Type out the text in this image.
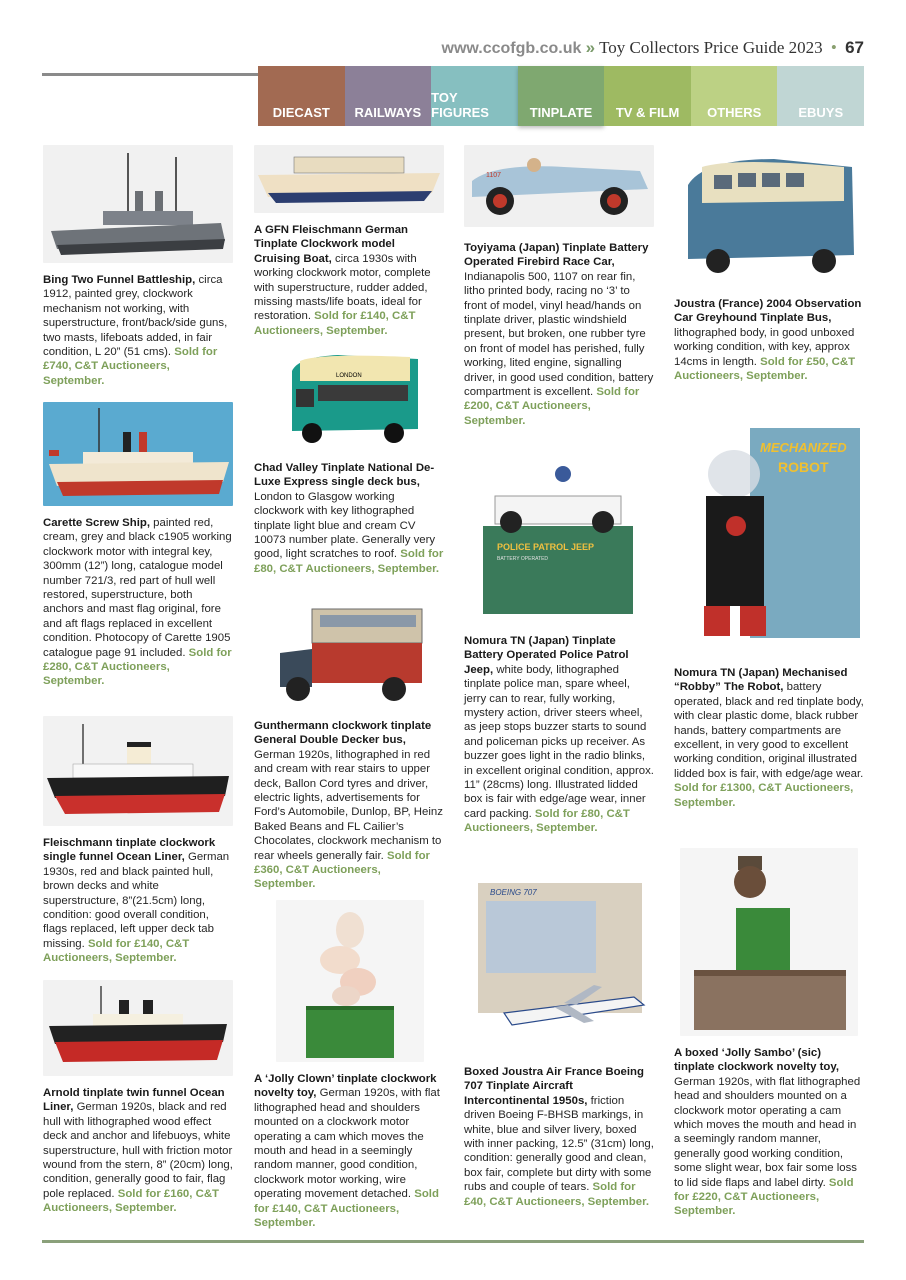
www.ccofgb.co.uk » Toy Collectors Price Guide 2023 • 67
DIECAST RAILWAYS
TOY FIGURES	TINPLATE TV & FILM OTHERS	EBUYS
Bing Two Funnel Battleship, circa 1912, painted grey, clockwork mechanism not working, with superstructure, front/back/side guns, two masts, lifeboats added, in fair condition, L 20” (51 cms). Sold for £740, C&T Auctioneers, September.
Carette Screw Ship, painted red, cream, grey and black c1905 working clockwork motor with integral key, 300mm (12”) long, catalogue model number 721/3, red part of hull well restored, superstructure, both anchors and mast flag original, fore and aft flags replaced in excellent condition. Photocopy of Carette 1905 catalogue page 91 included. Sold for £280, C&T Auctioneers, September.
Fleischmann tinplate clockwork single funnel Ocean Liner, German 1930s, red and black painted hull, brown decks and white superstructure, 8”(21.5cm) long, condition: good overall condition, flags replaced, left upper deck tab missing. Sold for £140, C&T Auctioneers, September.
Arnold tinplate twin funnel Ocean Liner, German 1920s, black and red hull with lithographed wood effect deck and anchor and lifebuoys, white superstructure, hull with friction motor wound from the stern, 8” (20cm) long, condition, generally good to fair, flag pole replaced. Sold for £160, C&T Auctioneers, September.
A GFN Fleischmann German Tinplate Clockwork model Cruising Boat, circa 1930s with working clockwork motor, complete with superstructure, rudder added, missing masts/life boats, ideal for restoration. Sold for £140, C&T Auctioneers, September.
LONDON
Chad Valley Tinplate National De-Luxe Express single deck bus, London to Glasgow working clockwork with key lithographed tinplate light blue and cream CV 10073 number plate. Generally very good, light scratches to roof. Sold for £80, C&T Auctioneers, September.
Gunthermann clockwork tinplate General Double Decker bus, German 1920s, lithographed in red and cream with rear stairs to upper deck, Ballon Cord tyres and driver, electric lights, advertisements for Ford’s Automobile, Dunlop, BP, Heinz Baked Beans and FL Cailier’s Chocolates, clockwork mechanism to rear wheels generally fair. Sold for £360, C&T Auctioneers, September.
A ‘Jolly Clown’ tinplate clockwork novelty toy, German 1920s, with flat lithographed head and shoulders mounted on a clockwork motor operating a cam which moves the mouth and head in a seemingly random manner, good condition, clockwork motor working, wire operating movement detached. Sold for £140, C&T Auctioneers, September.
1107
Toyiyama (Japan) Tinplate Battery Operated Firebird Race Car, Indianapolis 500, 1107 on rear fin, litho printed body, racing no ‘3’ to front of model, vinyl head/hands on tinplate driver, plastic windshield present, but broken, one rubber tyre on front of model has perished, fully working, lited engine, signalling driver, in good used condition, battery compartment is excellent. Sold for £200, C&T Auctioneers, September.
POLICE PATROL JEEP
BATTERY OPERATED
Nomura TN (Japan) Tinplate Battery Operated Police Patrol Jeep, white body, lithographed tinplate police man, spare wheel, jerry can to rear, fully working, mystery action, driver steers wheel, as jeep stops buzzer starts to sound and policeman picks up receiver. As buzzer goes light in the radio blinks, in excellent original condition, approx. 11” (28cms) long. Illustrated lidded box is fair with edge/age wear, inner card packing. Sold for £80, C&T Auctioneers, September.
BOEING 707
Boxed Joustra Air France Boeing 707 Tinplate Aircraft Intercontinental 1950s, friction driven Boeing F-BHSB markings, in white, blue and silver livery, boxed with inner packing, 12.5” (31cm) long, condition: generally good and clean, box fair, complete but dirty with some rubs and couple of tears. Sold for £40, C&T Auctioneers, September.
Joustra (France) 2004 Observation Car Greyhound Tinplate Bus, lithographed body, in good unboxed working condition, with key, approx 14cms in length. Sold for £50, C&T Auctioneers, September.
MECHANIZED
ROBOT
Nomura TN (Japan) Mechanised “Robby” The Robot, battery operated, black and red tinplate body, with clear plastic dome, black rubber hands, battery compartments are excellent, in very good to excellent working condition, original illustrated lidded box is fair, with edge/age wear. Sold for £1300, C&T Auctioneers, September.
A boxed ‘Jolly Sambo’ (sic) tinplate clockwork novelty toy, German 1920s, with flat lithographed head and shoulders mounted on a clockwork motor operating a cam which moves the mouth and head in a seemingly random manner, generally good working condition, some slight wear, box fair some loss to lid side flaps and label dirty. Sold for £220, C&T Auctioneers, September.
